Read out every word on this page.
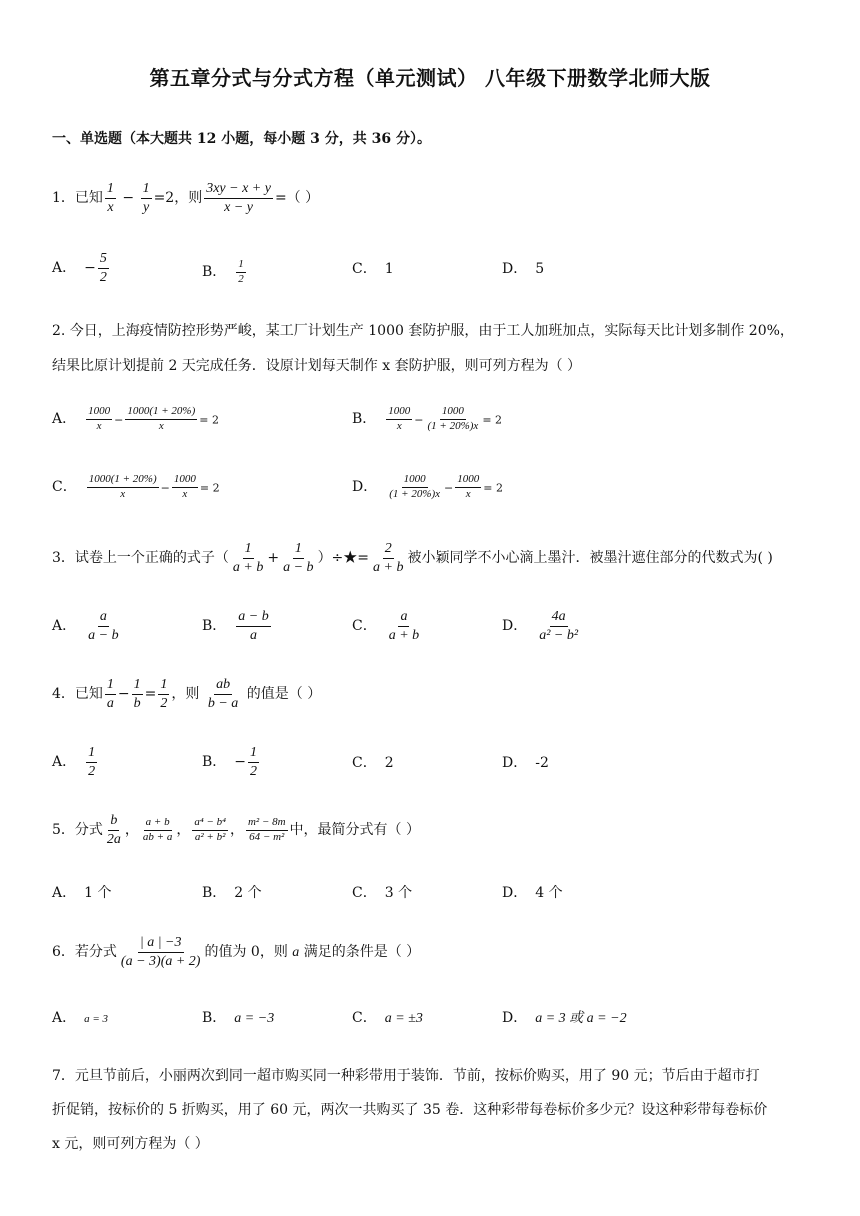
第五章分式与分式方程（单元测试） 八年级下册数学北师大版
一、单选题（本大题共 12 小题，每小题 3 分，共 36 分）。
1．已知 $\frac{1}{x} - \frac{1}{y} =2$，则 $\frac{3xy - x + y}{x - y}$ =（ ）
A． − $\frac{5}{2}$	B． $\frac{1}{2}$	C． 1	D． 5
2. 今日，上海疫情防控形势严峻，某工厂计划生产 1000 套防护服，由于工人加班加点，实际每天比计划多制作 20%，
结果比原计划提前 2 天完成任务．设原计划每天制作 x 套防护服，则可列方程为（ ）
A． $\frac{1000}{x} - \frac{1000(1 + 20\%)}{x} = 2$	B． $\frac{1000}{x} - \frac{1000}{(1 + 20\%)x} = 2$
C． $\frac{1000(1 + 20\%)}{x} - \frac{1000}{x} = 2$	D． $\frac{1000}{(1 + 20\%)x} - \frac{1000}{x} = 2$
3．试卷上一个正确的式子（ $\frac{1}{a + b} + \frac{1}{a - b}$ ）÷★= $\frac{2}{a + b}$ 被小颖同学不小心滴上墨汁．被墨汁遮住部分的代数式为( )
A． $\frac{a}{a - b}$	B． $\frac{a - b}{a}$	C． $\frac{a}{a + b}$	D． $\frac{4a}{\text{a² − b²}}$
4．已知 $\frac{1}{a} - \frac{1}{b} = \frac{1}{2}$ ，则 $\frac{ab}{b - a}$ 的值是（ ）
A． $\frac{1}{2}$	B． − $\frac{1}{2}$	C． 2	D． -2
5．分式 $\frac{b}{2a}$ ， $\frac{a + b}{ab + a}$ ， $\frac{\text{a⁴ − b⁴}}{\text{a² + b²}}$ ， $\frac{\text{m² − 8m}}{\text{64 − m²}}$ 中，最简分式有（ ）
A． 1 个	B． 2 个	C． 3 个	D． 4 个
6．若分式 $\frac{| a | -3}{(a - 3)(a + 2)}$ 的值为 0，则 a 满足的条件是（ ）
A． a = 3	B． a = −3	C． a = ±3	D． a = 3 或 a = −2
7．元旦节前后，小丽两次到同一超市购买同一种彩带用于装饰．节前，按标价购买，用了 90 元；节后由于超市打
折促销，按标价的 5 折购买，用了 60 元，两次一共购买了 35 卷．这种彩带每卷标价多少元？设这种彩带每卷标价
x 元，则可列方程为（ ）
